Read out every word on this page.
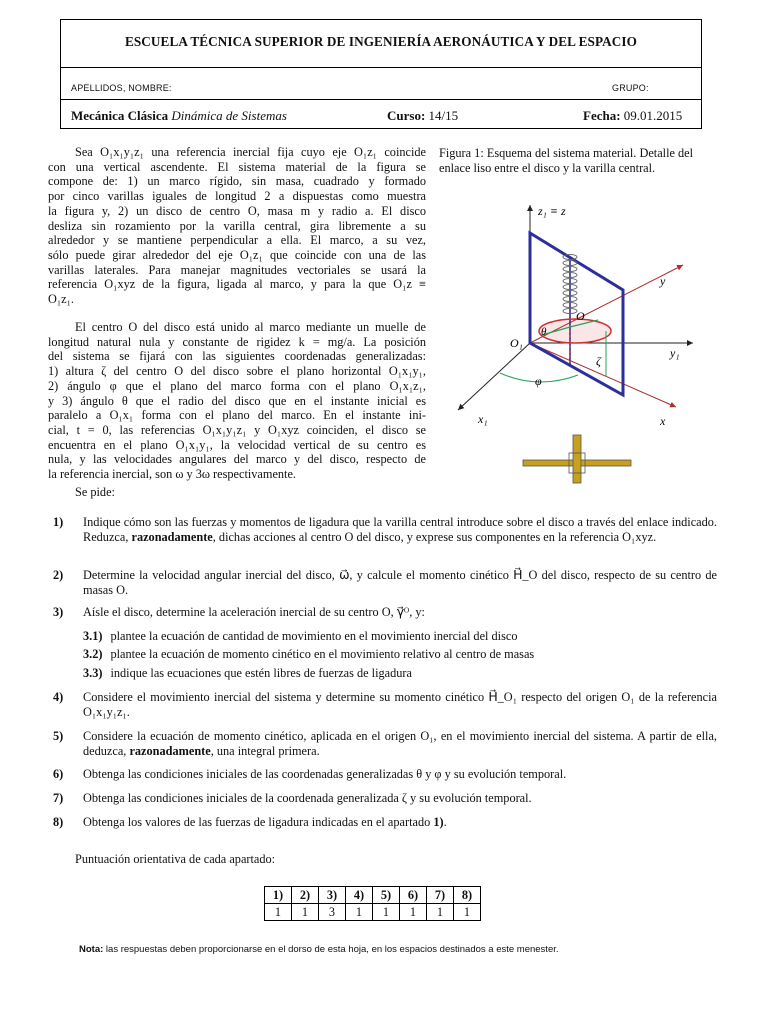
ESCUELA TÉCNICA SUPERIOR DE INGENIERÍA AERONÁUTICA Y DEL ESPACIO
APELLIDOS, NOMBRE:	GRUPO:
Mecánica Clásica Dinámica de Sistemas	Curso: 14/15	Fecha: 09.01.2015
Sea O₁x₁y₁z₁ una referencia inercial fija cuyo eje O₁z₁ coincide
con una vertical ascendente. El sistema material de la figura se
compone de: 1) un marco rígido, sin masa, cuadrado y formado
por cinco varillas iguales de longitud 2 a dispuestas como muestra
la figura y, 2) un disco de centro O, masa m y radio a. El disco
desliza sin rozamiento por la varilla central, gira libremente a su
alrededor y se mantiene perpendicular a ella. El marco, a su vez,
sólo puede girar alrededor del eje O₁z₁ que coincide con una de las
varillas laterales. Para manejar magnitudes vectoriales se usará la
referencia O₁xyz de la figura, ligada al marco, y para la que O₁z ≡
O₁z₁.
El centro O del disco está unido al marco mediante un muelle de
longitud natural nula y constante de rigidez k = mg/a. La posición
del sistema se fijará con las siguientes coordenadas generalizadas:
1) altura ζ del centro O del disco sobre el plano horizontal O₁x₁y₁,
2) ángulo φ que el plano del marco forma con el plano O₁x₁z₁,
y 3) ángulo θ que el radio del disco que en el instante inicial es
paralelo a O₁x₁ forma con el plano del marco. En el instante ini-
cial, t = 0, las referencias O₁x₁y₁z₁ y O₁xyz coinciden, el disco se
encuentra en el plano O₁x₁y₁, la velocidad vertical de su centro es
nula, y las velocidades angulares del marco y del disco, respecto de
la referencia inercial, son ω y 3ω respectivamente.
Se pide:
Figura 1: Esquema del sistema material. Detalle del enlace liso entre el disco y la varilla central.
z₁ ≡ z
y₁
x₁
y
x
O
θ
O₁
ζ
φ
1) Indique cómo son las fuerzas y momentos de ligadura que la varilla central introduce sobre el disco a través del enlace indicado. Reduzca, razonadamente, dichas acciones al centro O del disco, y exprese sus componentes en la referencia O₁xyz.
2) Determine la velocidad angular inercial del disco, ω⃗, y calcule el momento cinético H⃗_O del disco, respecto de su centro de masas O.
3) Aísle el disco, determine la aceleración inercial de su centro O, γ⃗ᴼ, y:
4) Considere el movimiento inercial del sistema y determine su momento cinético H⃗_O₁ respecto del origen O₁ de la referencia O₁x₁y₁z₁.
5) Considere la ecuación de momento cinético, aplicada en el origen O₁, en el movimiento inercial del sistema. A partir de ella, deduzca, razonadamente, una integral primera.
6) Obtenga las condiciones iniciales de las coordenadas generalizadas θ y φ y su evolución temporal.
7) Obtenga las condiciones iniciales de la coordenada generalizada ζ y su evolución temporal.
8) Obtenga los valores de las fuerzas de ligadura indicadas en el apartado 1).
3.1) plantee la ecuación de cantidad de movimiento en el movimiento inercial del disco
3.2) plantee la ecuación de momento cinético en el movimiento relativo al centro de masas
3.3) indique las ecuaciones que estén libres de fuerzas de ligadura
Puntuación orientativa de cada apartado:
1)	2)	3)	4)	5)	6)	7)	8)
1	1	3	1	1	1	1	1
Nota: las respuestas deben proporcionarse en el dorso de esta hoja, en los espacios destinados a este menester.
